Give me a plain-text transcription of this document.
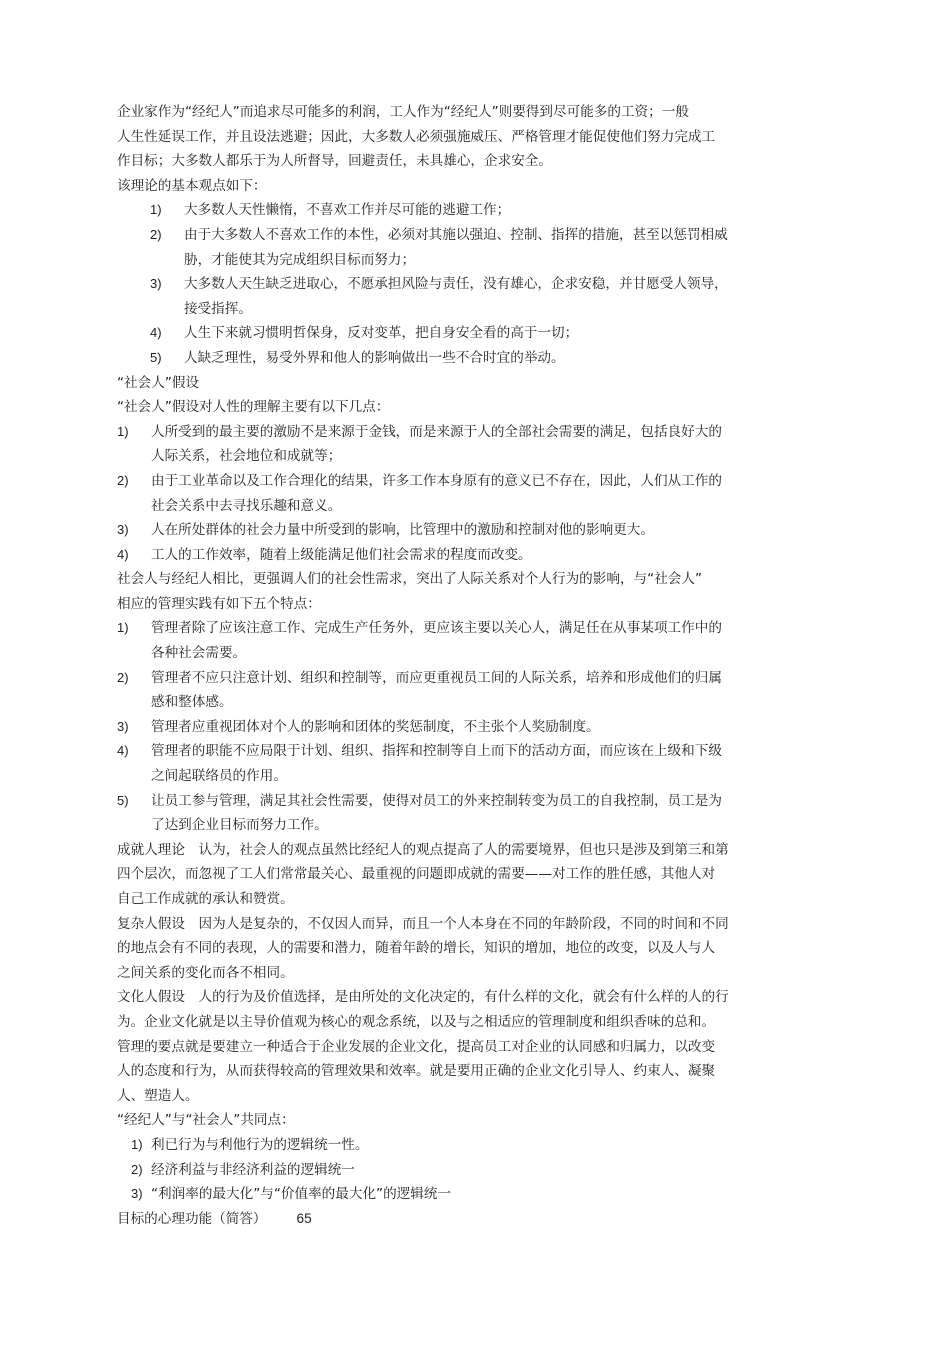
企业家作为“经纪人”而追求尽可能多的利润，工人作为“经纪人”则要得到尽可能多的工资；一般
人生性延误工作，并且设法逃避；因此，大多数人必须强施威压、严格管理才能促使他们努力完成工
作目标；大多数人都乐于为人所督导，回避责任，未具雄心，企求安全。
该理论的基本观点如下：
1) 大多数人天性懒惰，不喜欢工作并尽可能的逃避工作；
2) 由于大多数人不喜欢工作的本性，必须对其施以强迫、控制、指挥的措施，甚至以惩罚相威
胁，才能使其为完成组织目标而努力；
3) 大多数人天生缺乏进取心，不愿承担风险与责任，没有雄心，企求安稳，并甘愿受人领导，
接受指挥。
4) 人生下来就习惯明哲保身，反对变革，把自身安全看的高于一切；
5) 人缺乏理性，易受外界和他人的影响做出一些不合时宜的举动。
“社会人”假设
“社会人”假设对人性的理解主要有以下几点：
1) 人所受到的最主要的激励不是来源于金钱，而是来源于人的全部社会需要的满足，包括良好大的
人际关系，社会地位和成就等；
2) 由于工业革命以及工作合理化的结果，许多工作本身原有的意义已不存在，因此，人们从工作的
社会关系中去寻找乐趣和意义。
3) 人在所处群体的社会力量中所受到的影响，比管理中的激励和控制对他的影响更大。
4) 工人的工作效率，随着上级能满足他们社会需求的程度而改变。
社会人与经纪人相比，更强调人们的社会性需求，突出了人际关系对个人行为的影响，与“社会人”
相应的管理实践有如下五个特点：
1) 管理者除了应该注意工作、完成生产任务外，更应该主要以关心人，满足任在从事某项工作中的
各种社会需要。
2) 管理者不应只注意计划、组织和控制等，而应更重视员工间的人际关系，培养和形成他们的归属
感和整体感。
3) 管理者应重视团体对个人的影响和团体的奖惩制度，不主张个人奖励制度。
4) 管理者的职能不应局限于计划、组织、指挥和控制等自上而下的活动方面，而应该在上级和下级
之间起联络员的作用。
5) 让员工参与管理，满足其社会性需要，使得对员工的外来控制转变为员工的自我控制，员工是为
了达到企业目标而努力工作。
成就人理论　认为，社会人的观点虽然比经纪人的观点提高了人的需要境界，但也只是涉及到第三和第
四个层次，而忽视了工人们常常最关心、最重视的问题即成就的需要——对工作的胜任感，其他人对
自己工作成就的承认和赞赏。
复杂人假设　因为人是复杂的，不仅因人而异，而且一个人本身在不同的年龄阶段，不同的时间和不同
的地点会有不同的表现，人的需要和潜力，随着年龄的增长，知识的增加，地位的改变，以及人与人
之间关系的变化而各不相同。
文化人假设　人的行为及价值选择，是由所处的文化决定的，有什么样的文化，就会有什么样的人的行
为。企业文化就是以主导价值观为核心的观念系统，以及与之相适应的管理制度和组织香味的总和。
管理的要点就是要建立一种适合于企业发展的企业文化，提高员工对企业的认同感和归属力，以改变
人的态度和行为，从而获得较高的管理效果和效率。就是要用正确的企业文化引导人、约束人、凝聚
人、塑造人。
“经纪人”与“社会人”共同点：
1) 利已行为与利他行为的逻辑统一性。
2) 经济利益与非经济利益的逻辑统一
3) “利润率的最大化”与“价值率的最大化”的逻辑统一
目标的心理功能（简答） 65
